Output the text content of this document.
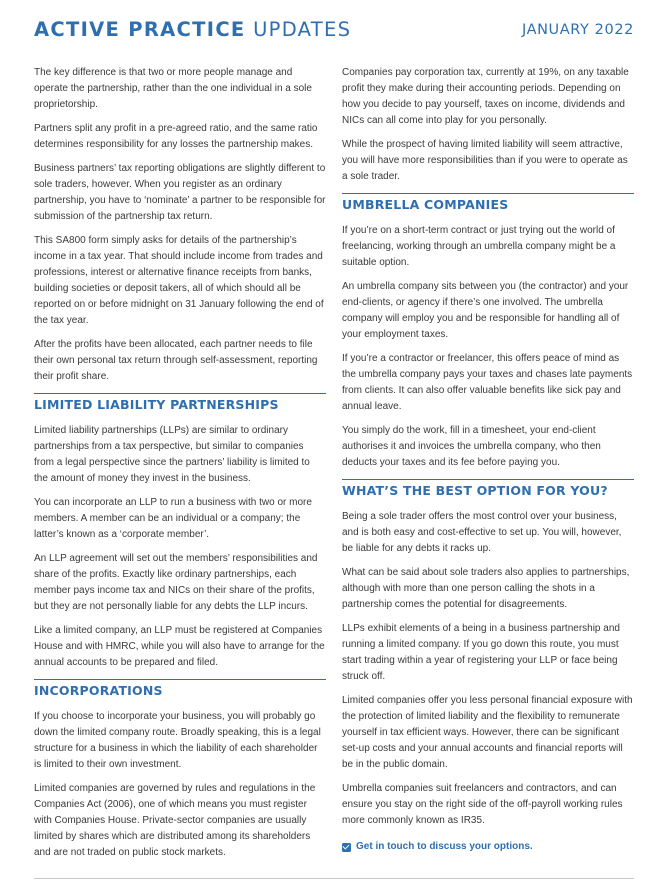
ACTIVE PRACTICE UPDATES	JANUARY 2022

The key difference is that two or more people manage and operate the partnership, rather than the one individual in a sole proprietorship.

Partners split any profit in a pre-agreed ratio, and the same ratio determines responsibility for any losses the partnership makes.

Business partners’ tax reporting obligations are slightly different to sole traders, however. When you register as an ordinary partnership, you have to ‘nominate’ a partner to be responsible for submission of the partnership tax return.

This SA800 form simply asks for details of the partnership’s income in a tax year. That should include income from trades and professions, interest or alternative finance receipts from banks, building societies or deposit takers, all of which should all be reported on or before midnight on 31 January following the end of the tax year.

After the profits have been allocated, each partner needs to file their own personal tax return through self-assessment, reporting their profit share.

LIMITED LIABILITY PARTNERSHIPS

Limited liability partnerships (LLPs) are similar to ordinary partnerships from a tax perspective, but similar to companies from a legal perspective since the partners’ liability is limited to the amount of money they invest in the business.

You can incorporate an LLP to run a business with two or more members. A member can be an individual or a company; the latter’s known as a ‘corporate member’.

An LLP agreement will set out the members’ responsibilities and share of the profits. Exactly like ordinary partnerships, each member pays income tax and NICs on their share of the profits, but they are not personally liable for any debts the LLP incurs.

Like a limited company, an LLP must be registered at Companies House and with HMRC, while you will also have to arrange for the annual accounts to be prepared and filed.

INCORPORATIONS

If you choose to incorporate your business, you will probably go down the limited company route. Broadly speaking, this is a legal structure for a business in which the liability of each shareholder is limited to their own investment.

Limited companies are governed by rules and regulations in the Companies Act (2006), one of which means you must register with Companies House. Private-sector companies are usually limited by shares which are distributed among its shareholders and are not traded on public stock markets.

Companies pay corporation tax, currently at 19%, on any taxable profit they make during their accounting periods. Depending on how you decide to pay yourself, taxes on income, dividends and NICs can all come into play for you personally.

While the prospect of having limited liability will seem attractive, you will have more responsibilities than if you were to operate as a sole trader.

UMBRELLA COMPANIES

If you’re on a short-term contract or just trying out the world of freelancing, working through an umbrella company might be a suitable option.

An umbrella company sits between you (the contractor) and your end-clients, or agency if there’s one involved. The umbrella company will employ you and be responsible for handling all of your employment taxes.

If you’re a contractor or freelancer, this offers peace of mind as the umbrella company pays your taxes and chases late payments from clients. It can also offer valuable benefits like sick pay and annual leave.

You simply do the work, fill in a timesheet, your end-client authorises it and invoices the umbrella company, who then deducts your taxes and its fee before paying you.

WHAT’S THE BEST OPTION FOR YOU?

Being a sole trader offers the most control over your business, and is both easy and cost-effective to set up. You will, however, be liable for any debts it racks up.

What can be said about sole traders also applies to partnerships, although with more than one person calling the shots in a partnership comes the potential for disagreements.

LLPs exhibit elements of a being in a business partnership and running a limited company. If you go down this route, you must start trading within a year of registering your LLP or face being struck off.

Limited companies offer you less personal financial exposure with the protection of limited liability and the flexibility to remunerate yourself in tax efficient ways. However, there can be significant set-up costs and your annual accounts and financial reports will be in the public domain.

Umbrella companies suit freelancers and contractors, and can ensure you stay on the right side of the off-payroll working rules more commonly known as IR35.

Get in touch to discuss your options.
